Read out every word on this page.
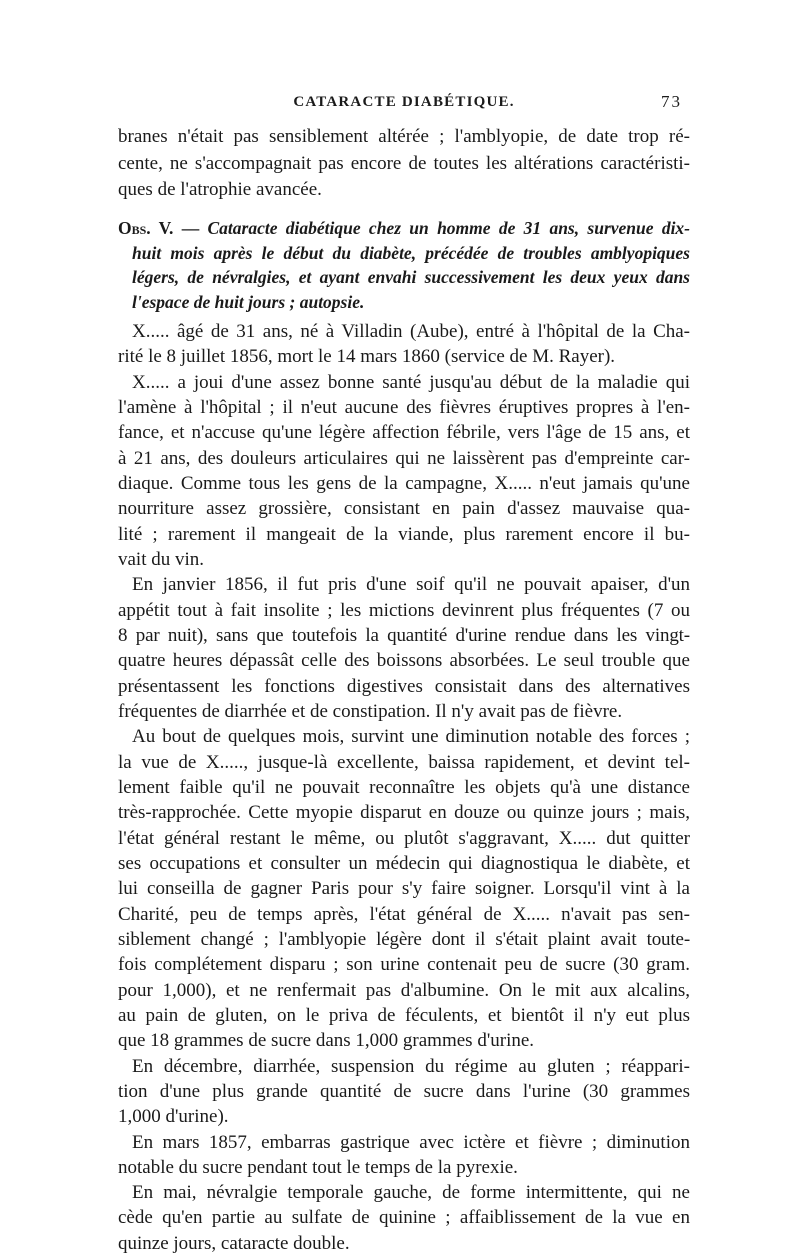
CATARACTE DIABÉTIQUE.	73
branes n'était pas sensiblement altérée ; l'amblyopie, de date trop ré-
cente, ne s'accompagnait pas encore de toutes les altérations caractéristi-
ques de l'atrophie avancée.
Obs. V. — Cataracte diabétique chez un homme de 31 ans, survenue dix-
huit mois après le début du diabète, précédée de troubles amblyopiques
légers, de névralgies, et ayant envahi successivement les deux yeux dans
l'espace de huit jours ; autopsie.
X..... âgé de 31 ans, né à Villadin (Aube), entré à l'hôpital de la Cha-
rité le 8 juillet 1856, mort le 14 mars 1860 (service de M. Rayer).
X..... a joui d'une assez bonne santé jusqu'au début de la maladie qui
l'amène à l'hôpital ; il n'eut aucune des fièvres éruptives propres à l'en-
fance, et n'accuse qu'une légère affection fébrile, vers l'âge de 15 ans, et
à 21 ans, des douleurs articulaires qui ne laissèrent pas d'empreinte car-
diaque. Comme tous les gens de la campagne, X..... n'eut jamais qu'une
nourriture assez grossière, consistant en pain d'assez mauvaise qua-
lité ; rarement il mangeait de la viande, plus rarement encore il bu-
vait du vin.
En janvier 1856, il fut pris d'une soif qu'il ne pouvait apaiser, d'un
appétit tout à fait insolite ; les mictions devinrent plus fréquentes (7 ou
8 par nuit), sans que toutefois la quantité d'urine rendue dans les vingt-
quatre heures dépassât celle des boissons absorbées. Le seul trouble que
présentassent les fonctions digestives consistait dans des alternatives
fréquentes de diarrhée et de constipation. Il n'y avait pas de fièvre.
Au bout de quelques mois, survint une diminution notable des forces ;
la vue de X....., jusque-là excellente, baissa rapidement, et devint tel-
lement faible qu'il ne pouvait reconnaître les objets qu'à une distance
très-rapprochée. Cette myopie disparut en douze ou quinze jours ; mais,
l'état général restant le même, ou plutôt s'aggravant, X..... dut quitter
ses occupations et consulter un médecin qui diagnostiqua le diabète, et
lui conseilla de gagner Paris pour s'y faire soigner. Lorsqu'il vint à la
Charité, peu de temps après, l'état général de X..... n'avait pas sen-
siblement changé ; l'amblyopie légère dont il s'était plaint avait toute-
fois complétement disparu ; son urine contenait peu de sucre (30 gram.
pour 1,000), et ne renfermait pas d'albumine. On le mit aux alcalins,
au pain de gluten, on le priva de féculents, et bientôt il n'y eut plus
que 18 grammes de sucre dans 1,000 grammes d'urine.
En décembre, diarrhée, suspension du régime au gluten ; réappari-
tion d'une plus grande quantité de sucre dans l'urine (30 grammes
1,000 d'urine).
En mars 1857, embarras gastrique avec ictère et fièvre ; diminution
notable du sucre pendant tout le temps de la pyrexie.
En mai, névralgie temporale gauche, de forme intermittente, qui ne
cède qu'en partie au sulfate de quinine ; affaiblissement de la vue en
quinze jours, cataracte double.
